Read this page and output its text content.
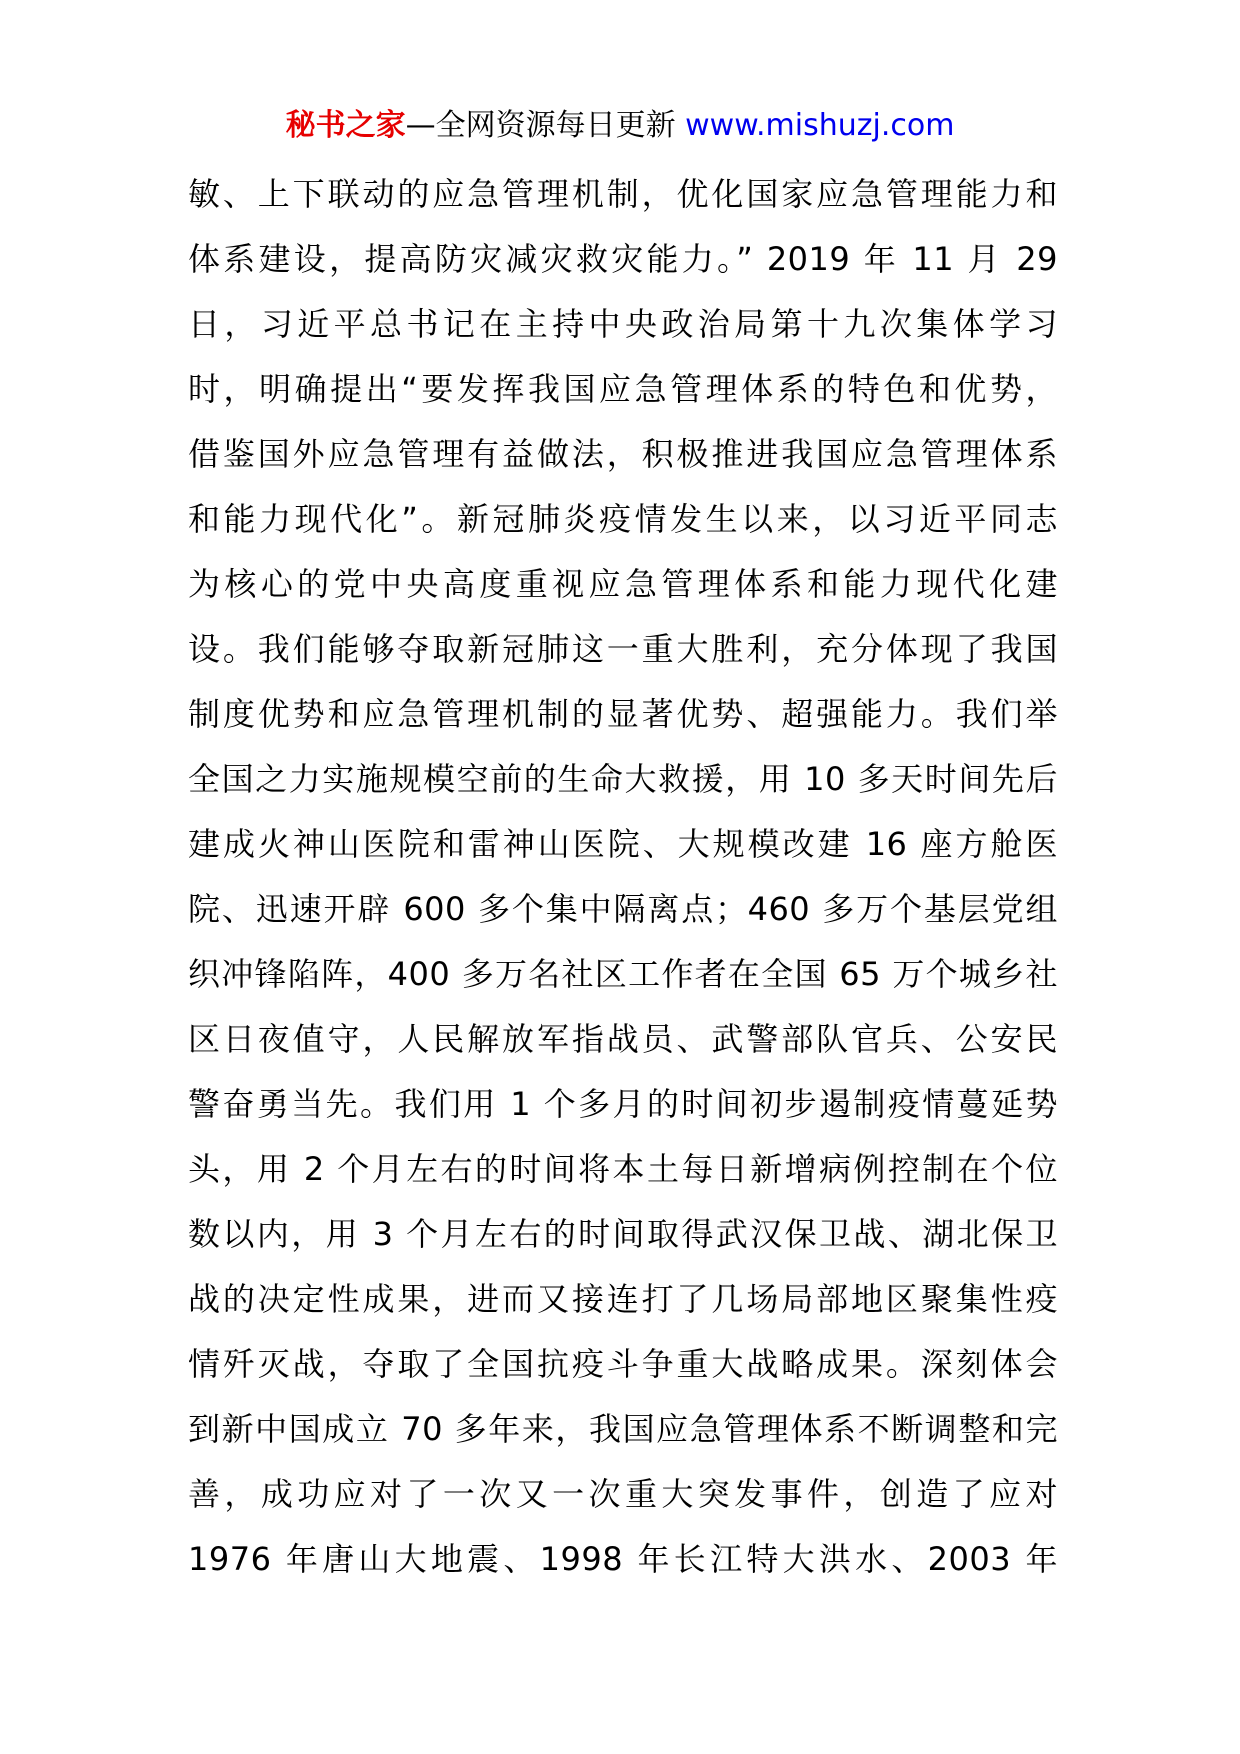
秘书之家—全网资源每日更新 www.mishuzj.com
敏、上下联动的应急管理机制，优化国家应急管理能力和
体系建设，提高防灾减灾救灾能力。” 2019 年 11 月 29
日，习近平总书记在主持中央政治局第十九次集体学习
时，明确提出“要发挥我国应急管理体系的特色和优势，
借鉴国外应急管理有益做法，积极推进我国应急管理体系
和能力现代化”。新冠肺炎疫情发生以来，以习近平同志
为核心的党中央高度重视应急管理体系和能力现代化建
设。我们能够夺取新冠肺这一重大胜利，充分体现了我国
制度优势和应急管理机制的显著优势、超强能力。我们举
全国之力实施规模空前的生命大救援，用 10 多天时间先后
建成火神山医院和雷神山医院、大规模改建 16 座方舱医
院、迅速开辟 600 多个集中隔离点；460 多万个基层党组
织冲锋陷阵，400 多万名社区工作者在全国 65 万个城乡社
区日夜值守，人民解放军指战员、武警部队官兵、公安民
警奋勇当先。我们用 1 个多月的时间初步遏制疫情蔓延势
头，用 2 个月左右的时间将本土每日新增病例控制在个位
数以内，用 3 个月左右的时间取得武汉保卫战、湖北保卫
战的决定性成果，进而又接连打了几场局部地区聚集性疫
情歼灭战，夺取了全国抗疫斗争重大战略成果。深刻体会
到新中国成立 70 多年来，我国应急管理体系不断调整和完
善，成功应对了一次又一次重大突发事件，创造了应对
1976 年唐山大地震、1998 年长江特大洪水、2003 年
